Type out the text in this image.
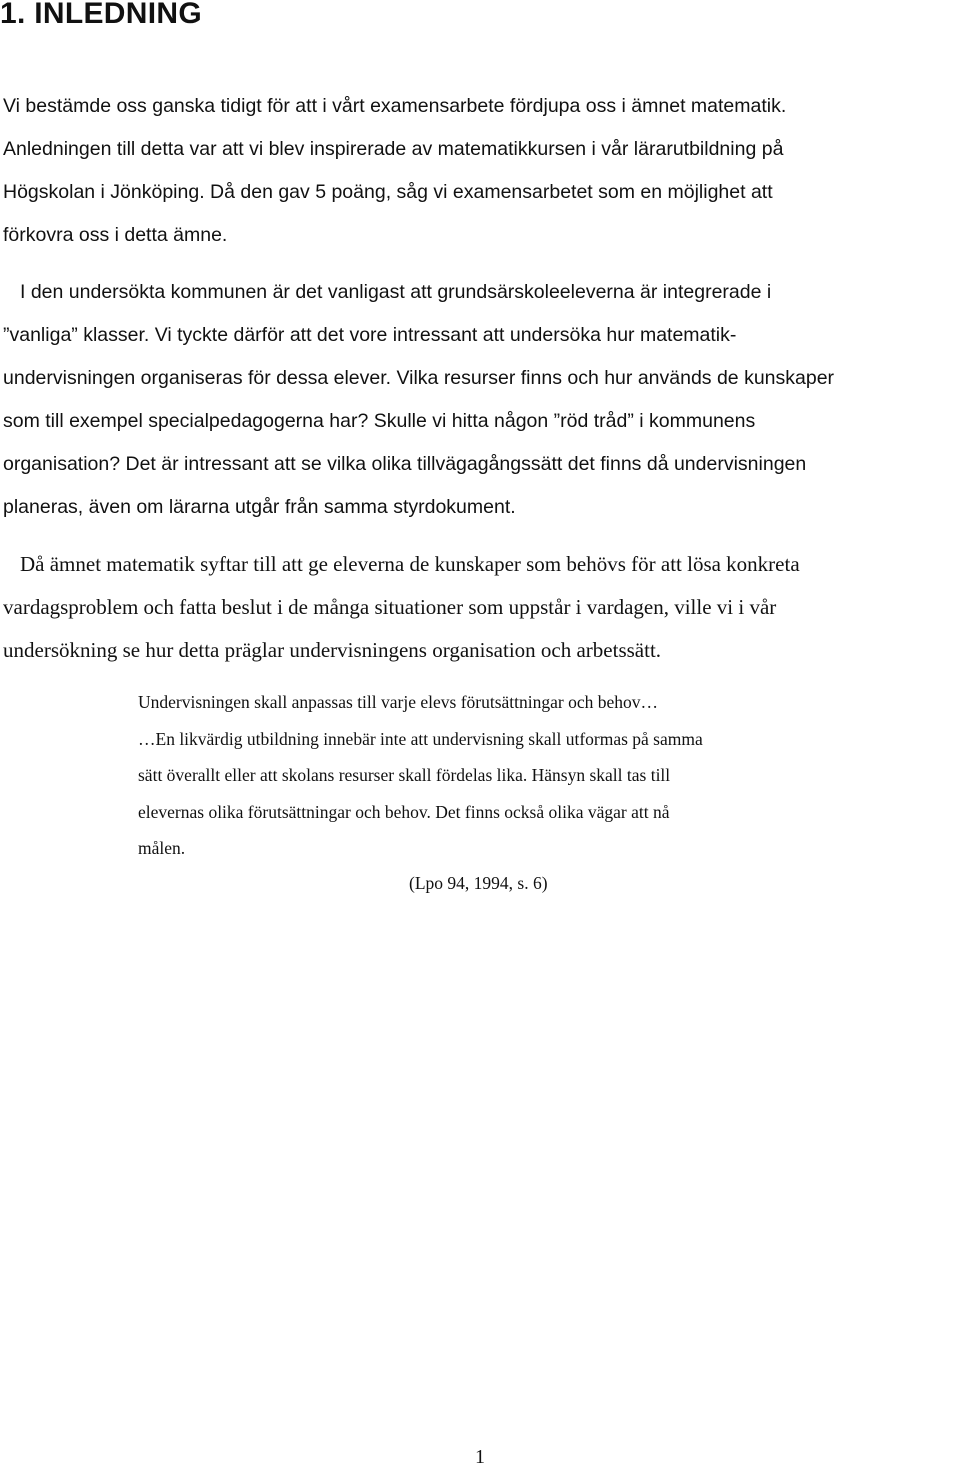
1. INLEDNING

Vi bestämde oss ganska tidigt för att i vårt examensarbete fördjupa oss i ämnet matematik.
Anledningen till detta var att vi blev inspirerade av matematikkursen i vår lärarutbildning på
Högskolan i Jönköping. Då den gav 5 poäng, såg vi examensarbetet som en möjlighet att
förkovra oss i detta ämne.

I den undersökta kommunen är det vanligast att grundsärskoleeleverna är integrerade i
”vanliga” klasser. Vi tyckte därför att det vore intressant att undersöka hur matematik-
undervisningen organiseras för dessa elever. Vilka resurser finns och hur används de kunskaper
som till exempel specialpedagogerna har? Skulle vi hitta någon ”röd tråd” i kommunens
organisation? Det är intressant att se vilka olika tillvägagångssätt det finns då undervisningen
planeras, även om lärarna utgår från samma styrdokument.

Då ämnet matematik syftar till att ge eleverna de kunskaper som behövs för att lösa konkreta
vardagsproblem och fatta beslut i de många situationer som uppstår i vardagen, ville vi i vår
undersökning se hur detta präglar undervisningens organisation och arbetssätt.

Undervisningen skall anpassas till varje elevs förutsättningar och behov…
…En likvärdig utbildning innebär inte att undervisning skall utformas på samma
sätt överallt eller att skolans resurser skall fördelas lika. Hänsyn skall tas till
elevernas olika förutsättningar och behov. Det finns också olika vägar att nå
målen.

(Lpo 94, 1994, s. 6)

1
